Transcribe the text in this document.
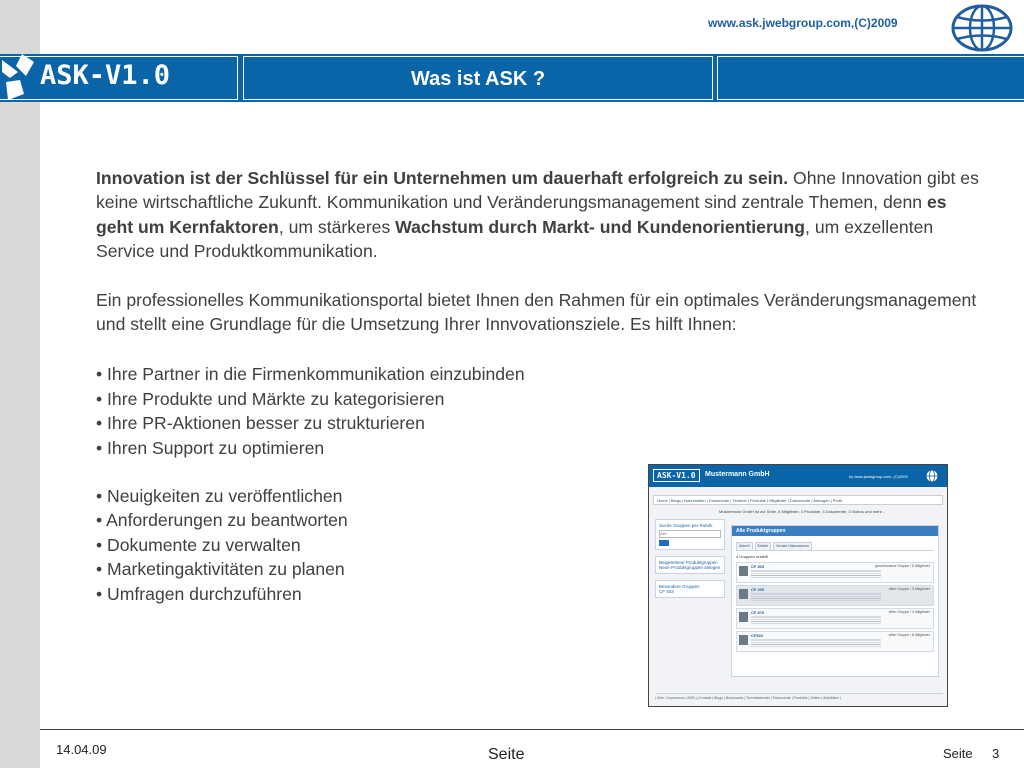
www.ask.jwebgroup.com,(C)2009
ASK-V1.0	Was ist ASK ?

Innovation ist der Schlüssel für ein Unternehmen um dauerhaft erfolgreich zu sein. Ohne Innovation gibt es keine wirtschaftliche Zukunft. Kommunikation und Veränderungsmanagement sind zentrale Themen, denn es geht um Kernfaktoren, um stärkeres Wachstum durch Markt- und Kundenorientierung, um exzellenten Service und Produktkommunikation.

Ein professionelles Kommunikationsportal bietet Ihnen den Rahmen für ein optimales Veränderungsmanagement und stellt eine Grundlage für die Umsetzung Ihrer Innvovationsziele. Es hilft Ihnen:

• Ihre Partner in die Firmenkommunikation einzubinden
• Ihre Produkte und Märkte zu kategorisieren
• Ihre PR-Aktionen besser zu strukturieren
• Ihren Support zu optimieren
• Neuigkeiten zu veröffentlichen
• Anforderungen zu beantworten
• Dokumente zu verwalten
• Marketingaktivitäten zu planen
• Umfragen durchzuführen
ASK-V1.0	Mustermann GmbH	by www.jwebgroup.com, (C)2009
Home | Blogs | Nachrichten | Dokumente | Termine | Produkte | Mitglieder | Dokumente | Anfragen | Profil
Mustermann GmbH ist zur Seite, 6 Mitglieder, 4 Produkte, 3 Dokumente, 3 Videos und mehr...
Suche Gruppen per Rubrik
Alle
Beigetretene Produktgruppen
Neue Produktgruppen anlegen
Besondere Gruppen
CF 403
Alle Produktgruppen
Aktuell Beliebt Neuste Diskussionen
4 Gruppen erstellt
CF 403	geschlossene Gruppe / 8 Mitglieder
CF 205	offen Gruppe / 3 Mitglieder
CF 870	offen Gruppe / 4 Mitglieder
CF543	offen Gruppe / 8 Mitglieder
| Über | Impressum | AGB | | Kontakt | Blogs | Bookmarks | Terminkalender | Dokumente | Produkte | Seiten | Aktivitäten |
14.04.09	Seite	Seite 3
